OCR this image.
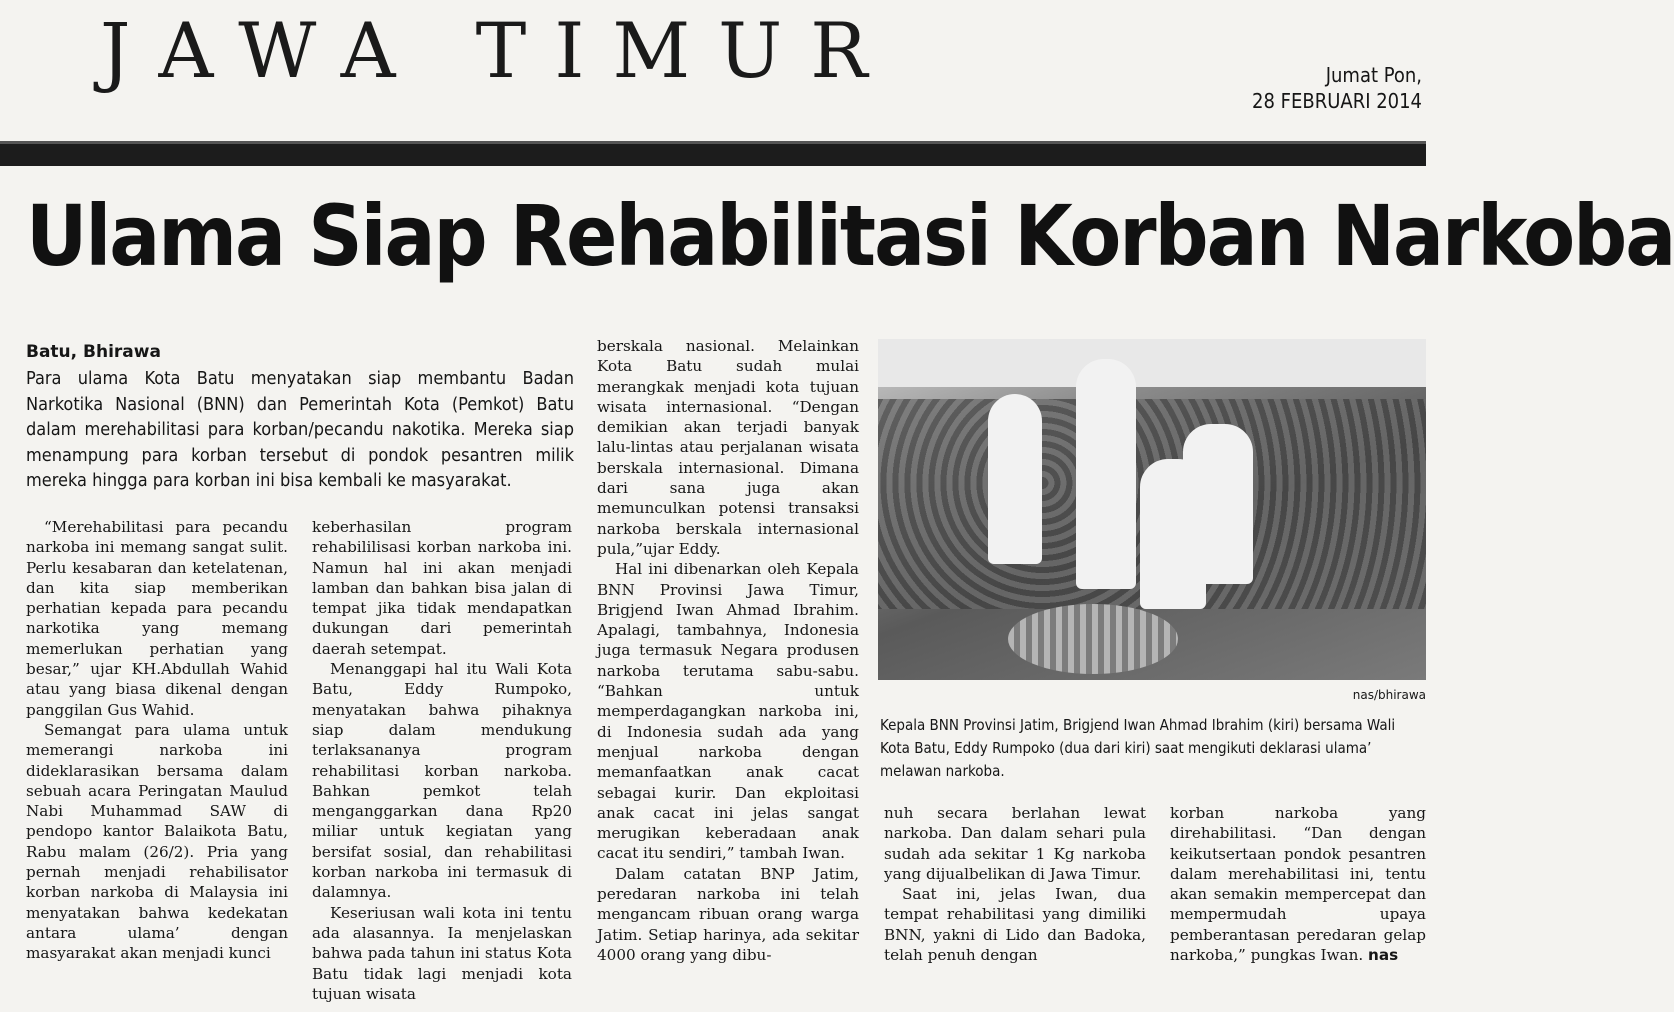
JAWA TIMUR	Jumat Pon,
28 FEBRUARI 2014
Ulama Siap Rehabilitasi Korban Narkoba
Batu, Bhirawa

Para ulama Kota Batu menyatakan siap membantu Badan Narkotika Nasional (BNN) dan Pemerintah Kota (Pemkot) Batu dalam merehabilitasi para korban/pecandu nakotika. Mereka siap menampung para korban tersebut di pondok pesantren milik mereka hingga para korban ini bisa kembali ke masyarakat.

“Merehabilitasi para pecandu narkoba ini memang sangat sulit. Perlu kesabaran dan ketelatenan, dan kita siap memberikan perhatian kepada para pecandu narkotika yang memang memerlukan perhatian yang besar,” ujar KH.Abdullah Wahid atau yang biasa dikenal dengan panggilan Gus Wahid.

Semangat para ulama untuk memerangi narkoba ini dideklarasikan bersama dalam sebuah acara Peringatan Maulud Nabi Muhammad SAW di pendopo kantor Balaikota Batu, Rabu malam (26/2). Pria yang pernah menjadi rehabilisator korban narkoba di Malaysia ini menyatakan bahwa kedekatan antara ulama’ dengan masyarakat akan menjadi kunci

keberhasilan program rehabililisasi korban narkoba ini. Namun hal ini akan menjadi lamban dan bahkan bisa jalan di tempat jika tidak mendapatkan dukungan dari pemerintah daerah setempat.

Menanggapi hal itu Wali Kota Batu, Eddy Rumpoko, menyatakan bahwa pihaknya siap dalam mendukung terlaksananya program rehabilitasi korban narkoba. Bahkan pemkot telah menganggarkan dana Rp20 miliar untuk kegiatan yang bersifat sosial, dan rehabilitasi korban narkoba ini termasuk di dalamnya.

Keseriusan wali kota ini tentu ada alasannya. Ia menjelaskan bahwa pada tahun ini status Kota Batu tidak lagi menjadi kota tujuan wisata

berskala nasional. Melainkan Kota Batu sudah mulai merangkak menjadi kota tujuan wisata internasional. “Dengan demikian akan terjadi banyak lalu-lintas atau perjalanan wisata berskala internasional. Dimana dari sana juga akan memunculkan potensi transaksi narkoba berskala internasional pula,”ujar Eddy.

Hal ini dibenarkan oleh Kepala BNN Provinsi Jawa Timur, Brigjend Iwan Ahmad Ibrahim. Apalagi, tambahnya, Indonesia juga termasuk Negara produsen narkoba terutama sabu-sabu. “Bahkan untuk memperdagangkan narkoba ini, di Indonesia sudah ada yang menjual narkoba dengan memanfaatkan anak cacat sebagai kurir. Dan ekploitasi anak cacat ini jelas sangat merugikan keberadaan anak cacat itu sendiri,” tambah Iwan.

Dalam catatan BNP Jatim, peredaran narkoba ini telah mengancam ribuan orang warga Jatim. Setiap harinya, ada sekitar 4000 orang yang dibu-

nas/bhirawa

Kepala BNN Provinsi Jatim, Brigjend Iwan Ahmad Ibrahim (kiri) bersama Wali Kota Batu, Eddy Rumpoko (dua dari kiri) saat mengikuti deklarasi ulama’ melawan narkoba.

nuh secara berlahan lewat narkoba. Dan dalam sehari pula sudah ada sekitar 1 Kg narkoba yang dijualbelikan di Jawa Timur.

Saat ini, jelas Iwan, dua tempat rehabilitasi yang dimiliki BNN, yakni di Lido dan Badoka, telah penuh dengan

korban narkoba yang direhabilitasi. “Dan dengan keikutsertaan pondok pesantren dalam merehabilitasi ini, tentu akan semakin mempercepat dan mempermudah upaya pemberantasan peredaran gelap narkoba,” pungkas Iwan. nas
